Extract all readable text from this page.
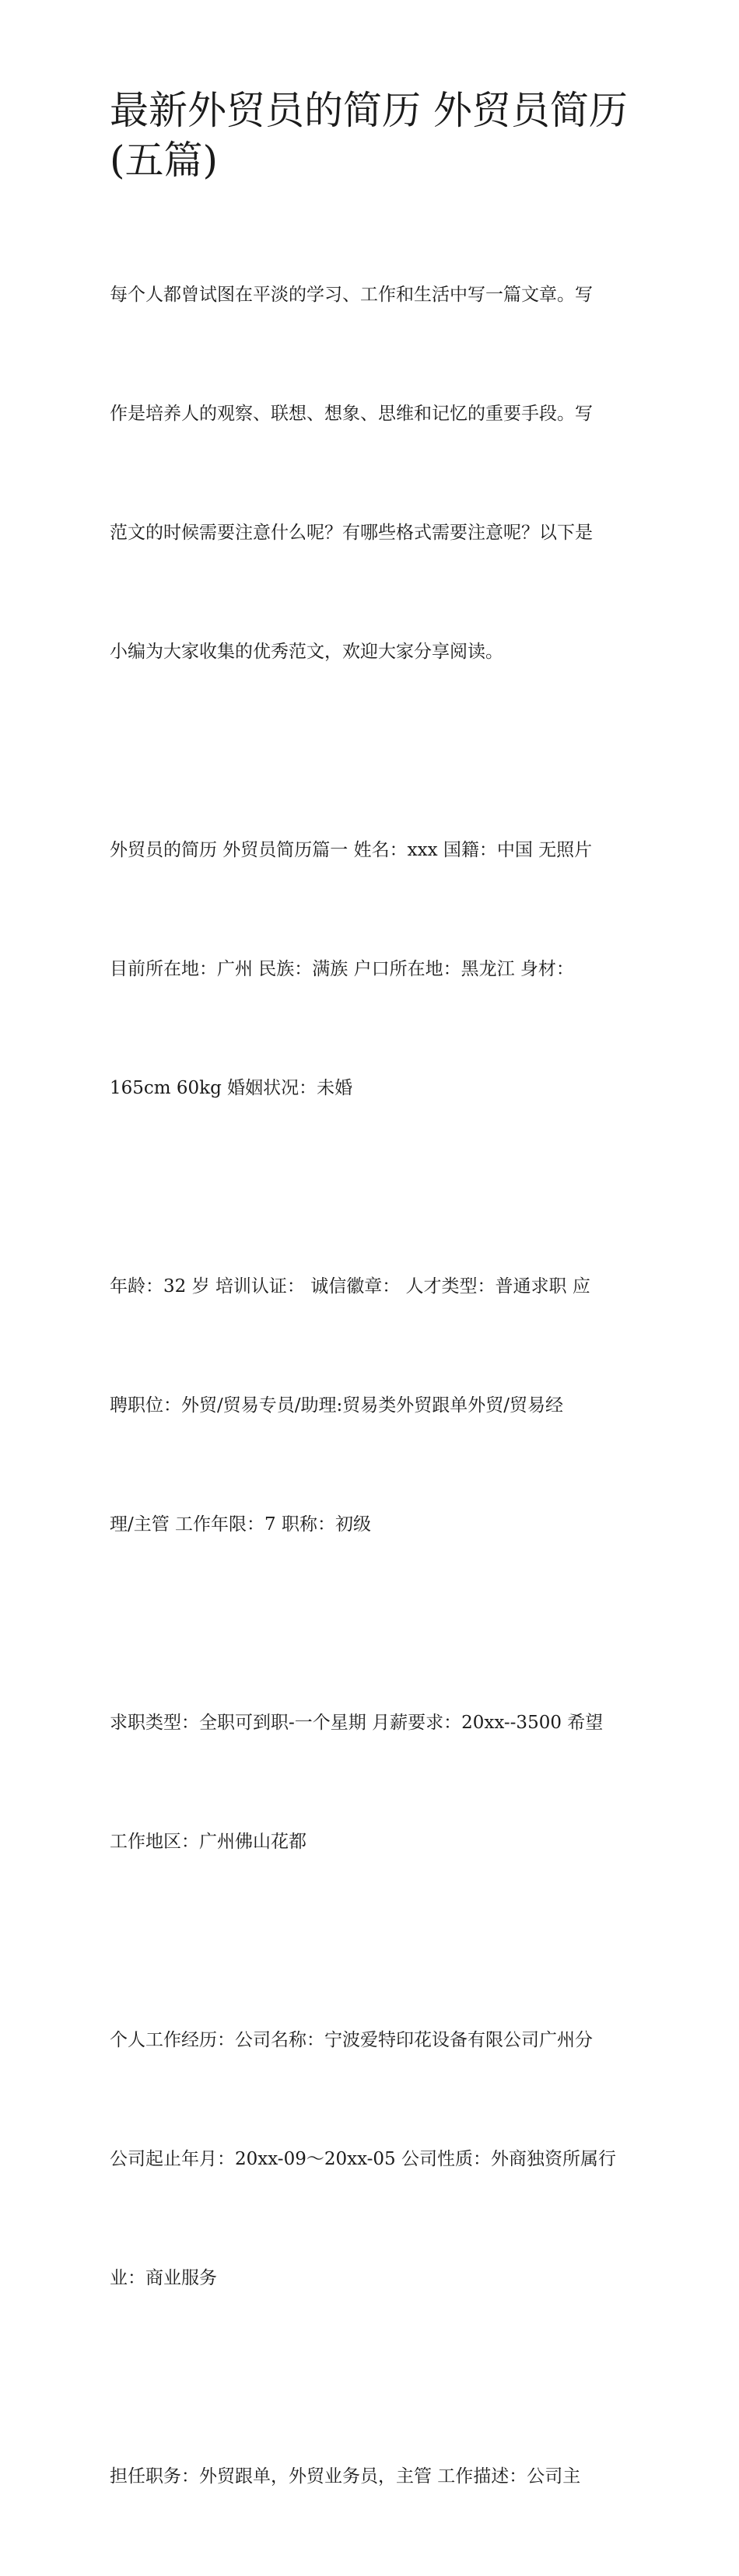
最新外贸员的简历 外贸员简历
(五篇)

每个人都曾试图在平淡的学习、工作和生活中写一篇文章。写

作是培养人的观察、联想、想象、思维和记忆的重要手段。写

范文的时候需要注意什么呢？有哪些格式需要注意呢？以下是

小编为大家收集的优秀范文，欢迎大家分享阅读。

外贸员的简历 外贸员简历篇一 姓名：xxx 国籍：中国 无照片

目前所在地：广州 民族：满族 户口所在地：黑龙江 身材：

165cm 60kg 婚姻状况：未婚

年龄：32 岁 培训认证： 诚信徽章： 人才类型：普通求职 应

聘职位：外贸/贸易专员/助理:贸易类外贸跟单外贸/贸易经

理/主管 工作年限：7 职称：初级

求职类型：全职可到职-一个星期 月薪要求：20xx--3500 希望

工作地区：广州佛山花都

个人工作经历：公司名称：宁波爱特印花设备有限公司广州分

公司起止年月：20xx-09～20xx-05 公司性质：外商独资所属行

业：商业服务

担任职务：外贸跟单，外贸业务员，主管 工作描述：公司主
